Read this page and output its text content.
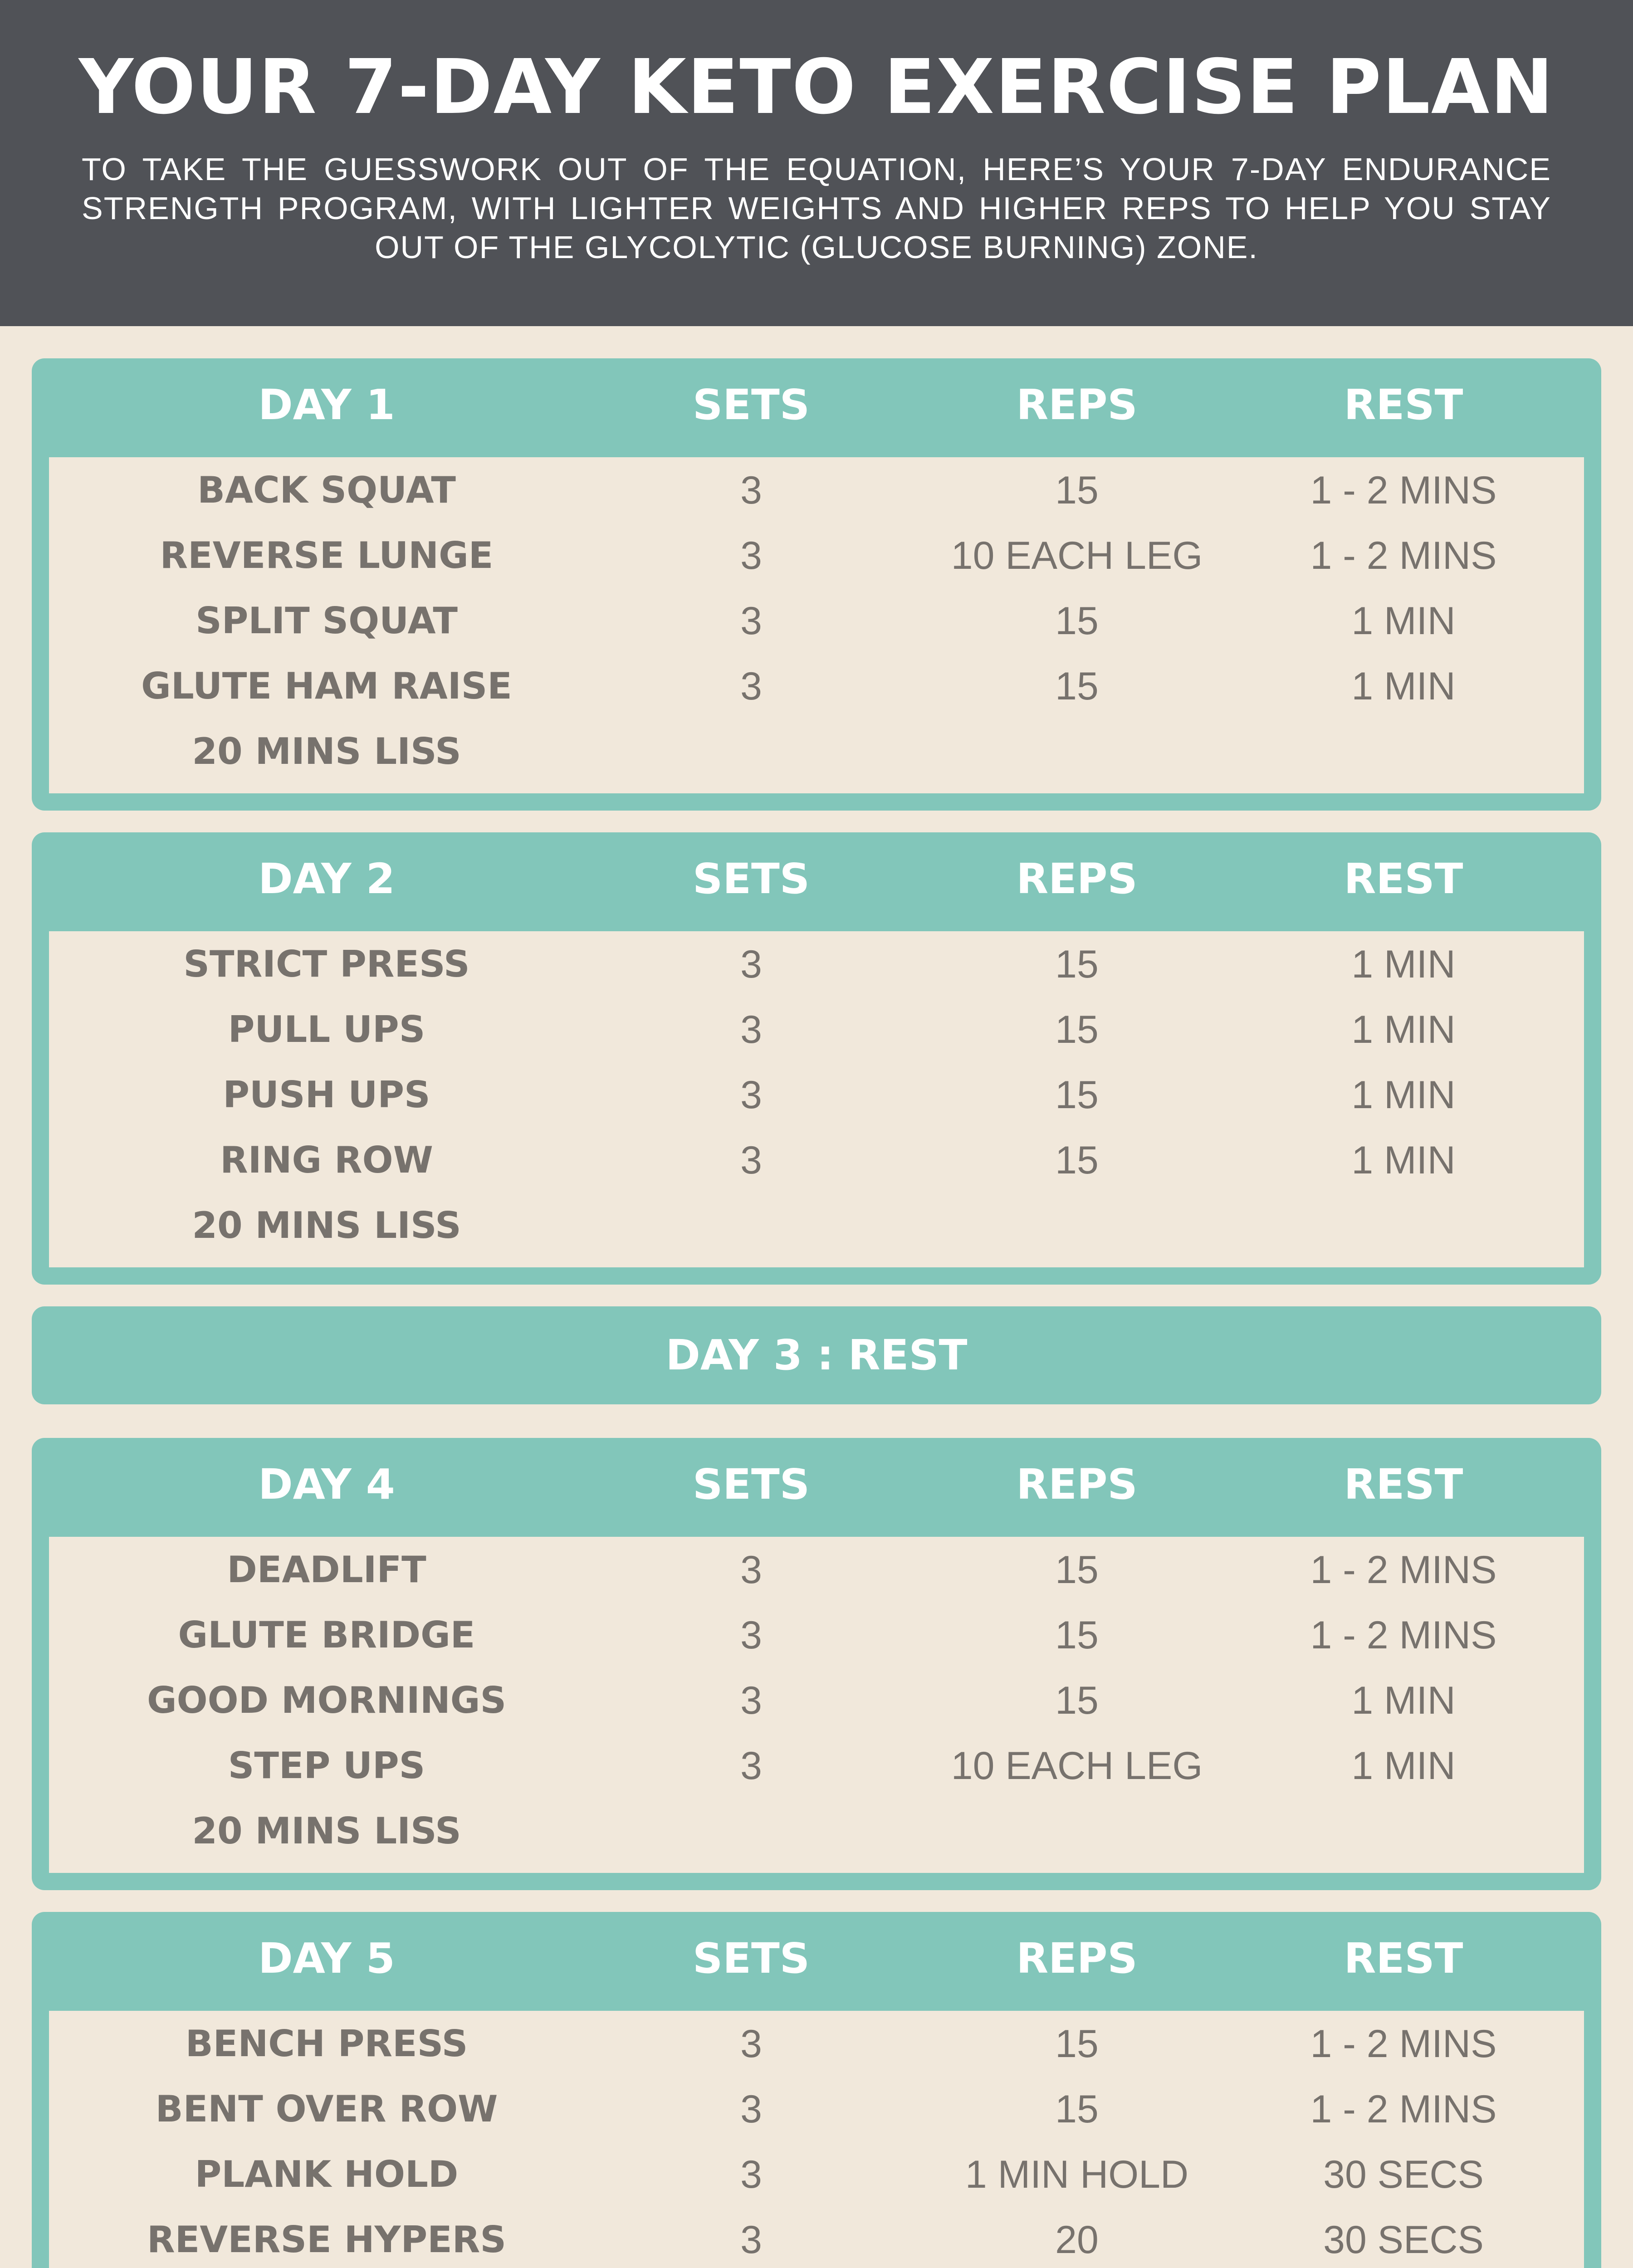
YOUR 7-DAY KETO EXERCISE PLAN
TO TAKE THE GUESSWORK OUT OF THE EQUATION, HERE’S YOUR 7-DAY ENDURANCE STRENGTH PROGRAM, WITH LIGHTER WEIGHTS AND HIGHER REPS TO HELP YOU STAY OUT OF THE GLYCOLYTIC (GLUCOSE BURNING) ZONE.
DAY 1	SETS	REPS	REST
BACK SQUAT	3	15	1 - 2 MINS
REVERSE LUNGE	3	10 EACH LEG	1 - 2 MINS
SPLIT SQUAT	3	15	1 MIN
GLUTE HAM RAISE	3	15	1 MIN
20 MINS LISS
DAY 2	SETS	REPS	REST
STRICT PRESS	3	15	1 MIN
PULL UPS	3	15	1 MIN
PUSH UPS	3	15	1 MIN
RING ROW	3	15	1 MIN
20 MINS LISS
DAY 4	SETS	REPS	REST
DEADLIFT	3	15	1 - 2 MINS
GLUTE BRIDGE	3	15	1 - 2 MINS
GOOD MORNINGS	3	15	1 MIN
STEP UPS	3	10 EACH LEG	1 MIN
20 MINS LISS
DAY 5	SETS	REPS	REST
BENCH PRESS	3	15	1 - 2 MINS
BENT OVER ROW	3	15	1 - 2 MINS
PLANK HOLD	3	1 MIN HOLD	30 SECS
REVERSE HYPERS	3	20	30 SECS
DAY 3 : REST
